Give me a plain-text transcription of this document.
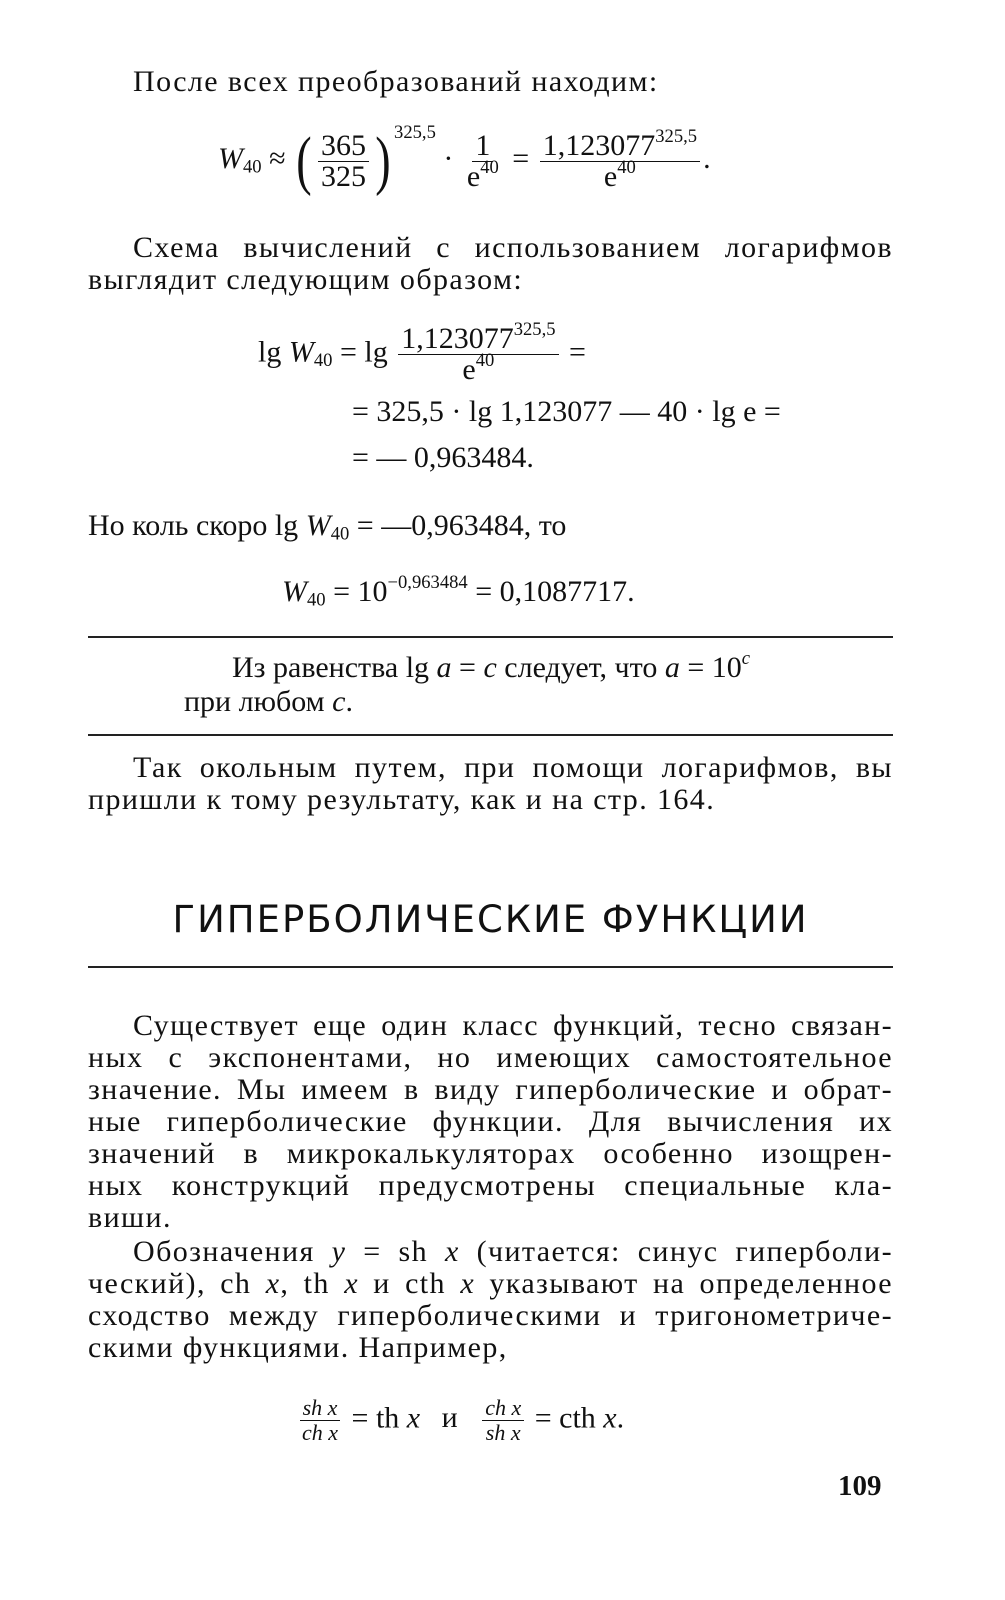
После всех преобразований находим:
$W_{40}$ ≈ ( $\frac{365}{325}$ ) $^{325,5} \cdot \frac{1}{e^{40}} = \frac{1,123077^{325,5}}{e^{40}}$ .
Схема вычислений с использованием логарифмов
выглядит следующим образом:
$\lg W_{40} = \lg \frac{1,123077^{325,5}}{e^{40}}$ =
= 325,5 · lg 1,123077 — 40 · lg e =
= — 0,963484.
Но коль скоро $\lg W_{40}$ = —0,963484, то
$W_{40} = 10^{-0,963484} = 0,1087717$.
Из равенства lg a = c следует, что $a = 10^c$
при любом c.
Так окольным путем, при помощи логарифмов, вы
пришли к тому результату, как и на стр. 164.
ГИПЕРБОЛИЧЕСКИЕ ФУНКЦИИ
Существует еще один класс функций, тесно связан-
ных с экспонентами, но имеющих самостоятельное
значение. Мы имеем в виду гиперболические и обрат-
ные гиперболические функции. Для вычисления их
значений в микрокалькуляторах особенно изощрен-
ных конструкций предусмотрены специальные кла-
виши.
Обозначения y = sh x (читается: синус гиперболи-
ческий), ch x, th x и cth x указывают на определенное
сходство между гиперболическими и тригонометриче-
скими функциями. Например,
$\frac{\text{sh x}}{\text{ch x}}$ = th x и $\frac{\text{ch x}}{\text{sh x}}$ = cth x.
109
